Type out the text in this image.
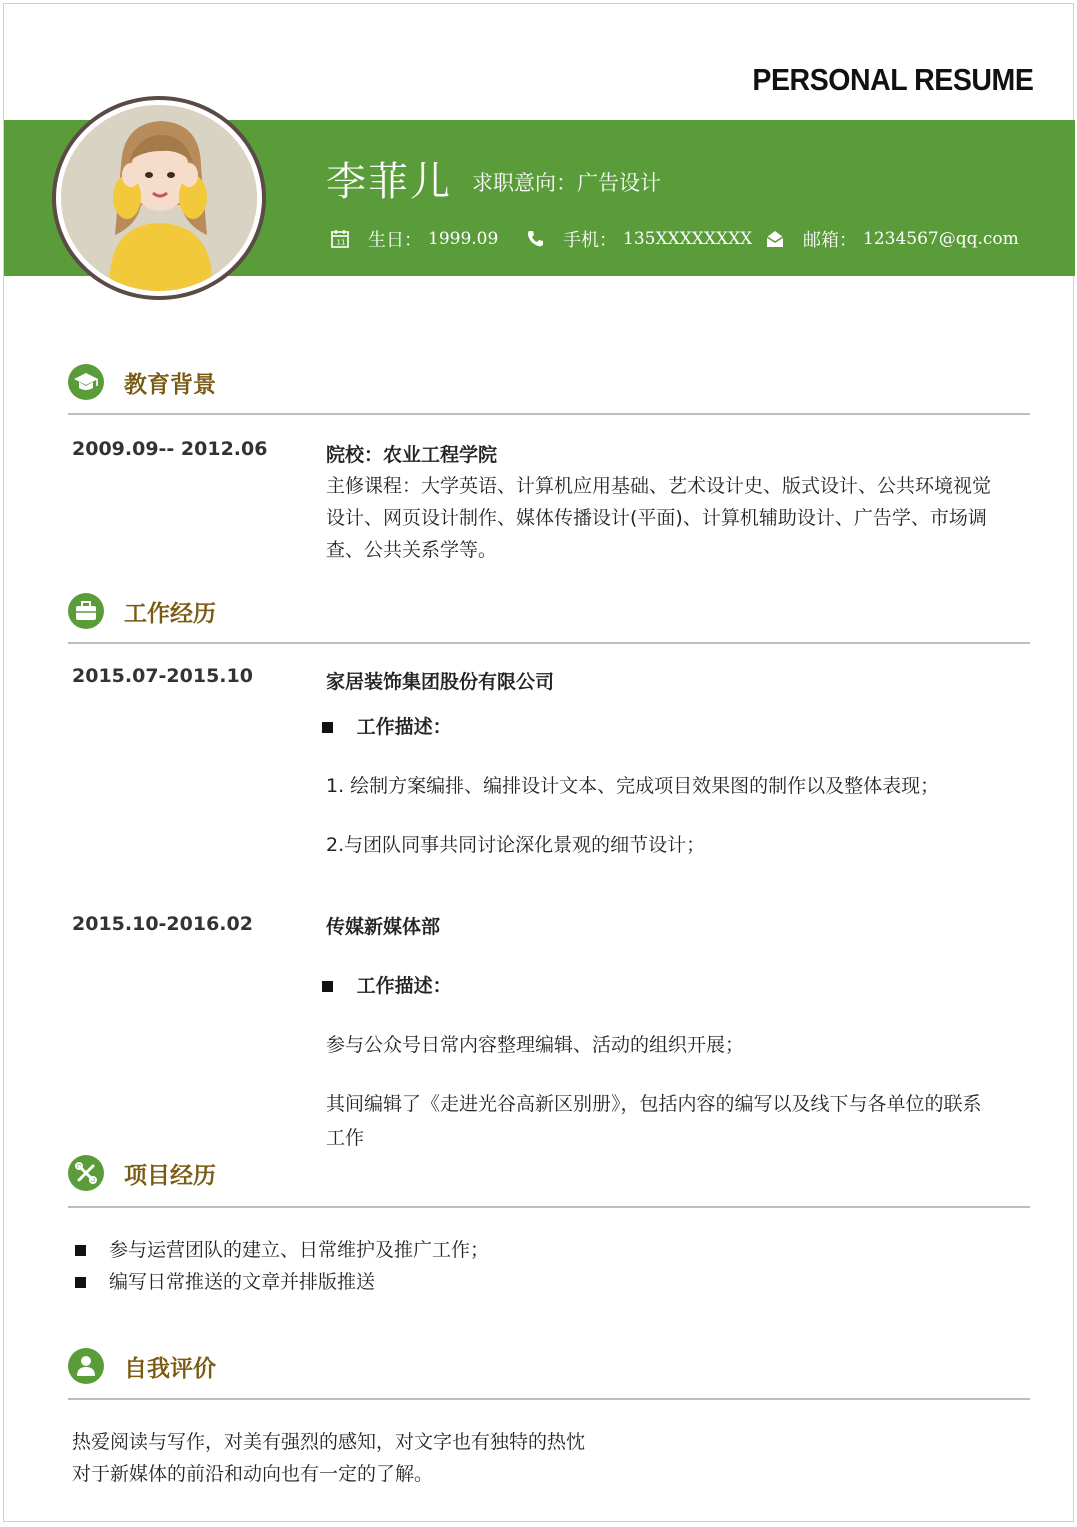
PERSONAL RESUME
李菲儿 求职意向：广告设计
11 生日： 1999.09	手机： 135XXXXXXXX	邮箱： 1234567@qq.com
教育背景
2009.09-- 2012.06	院校：农业工程学院
主修课程：大学英语、计算机应用基础、艺术设计史、版式设计、公共环境视觉
设计、网页设计制作、媒体传播设计(平面)、计算机辅助设计、广告学、市场调
查、公共关系学等。
工作经历
2015.07-2015.10	家居装饰集团股份有限公司
工作描述：
1. 绘制方案编排、编排设计文本、完成项目效果图的制作以及整体表现；
2.与团队同事共同讨论深化景观的细节设计；
2015.10-2016.02	传媒新媒体部
工作描述：
参与公众号日常内容整理编辑、活动的组织开展；
其间编辑了《走进光谷高新区别册》，包括内容的编写以及线下与各单位的联系
工作
项目经历
参与运营团队的建立、日常维护及推广工作；
编写日常推送的文章并排版推送
自我评价
热爱阅读与写作，对美有强烈的感知，对文字也有独特的热忱
对于新媒体的前沿和动向也有一定的了解。
